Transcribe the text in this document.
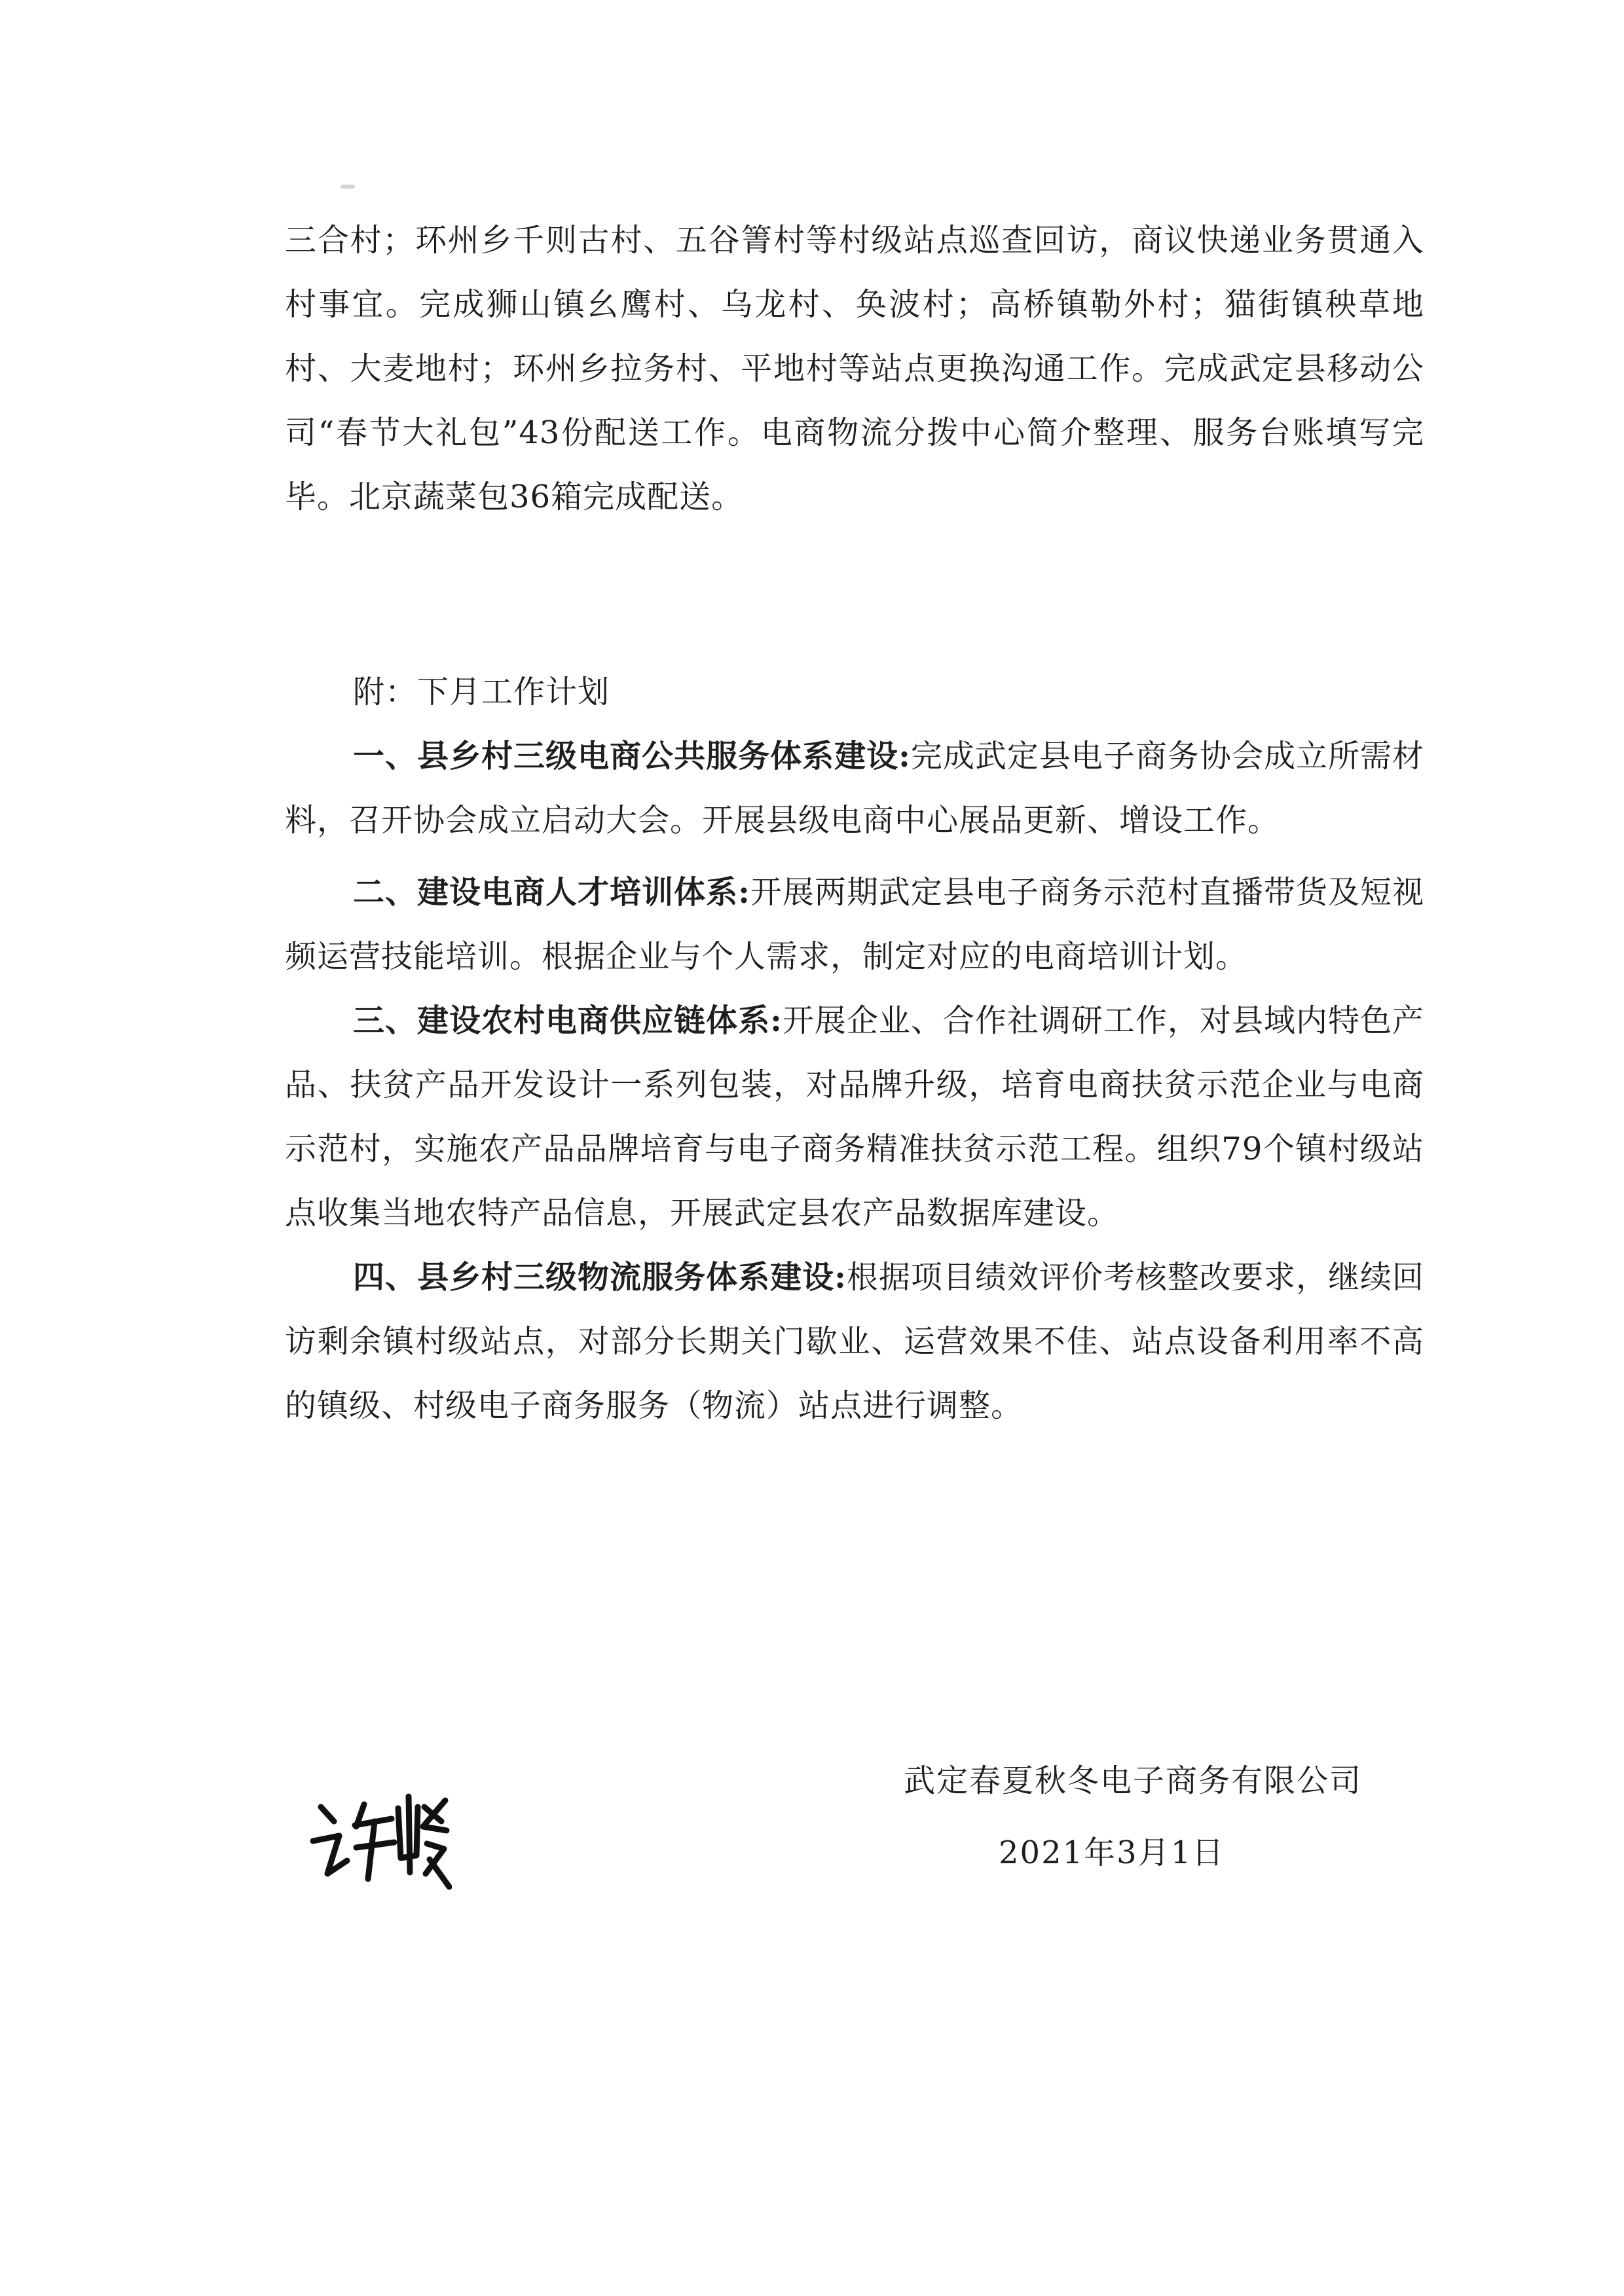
三合村；环州乡千则古村、五谷箐村等村级站点巡查回访，商议快递业务贯通入村事宜。完成狮山镇幺鹰村、乌龙村、奂波村；高桥镇勒外村；猫街镇秧草地村、大麦地村；环州乡拉务村、平地村等站点更换沟通工作。完成武定县移动公司“春节大礼包”43份配送工作。电商物流分拨中心简介整理、服务台账填写完毕。北京蔬菜包36箱完成配送。

附：下月工作计划

一、县乡村三级电商公共服务体系建设:完成武定县电子商务协会成立所需材料，召开协会成立启动大会。开展县级电商中心展品更新、增设工作。

二、建设电商人才培训体系:开展两期武定县电子商务示范村直播带货及短视频运营技能培训。根据企业与个人需求，制定对应的电商培训计划。

三、建设农村电商供应链体系:开展企业、合作社调研工作，对县域内特色产品、扶贫产品开发设计一系列包装，对品牌升级，培育电商扶贫示范企业与电商示范村，实施农产品品牌培育与电子商务精准扶贫示范工程。组织79个镇村级站点收集当地农特产品信息，开展武定县农产品数据库建设。

四、县乡村三级物流服务体系建设:根据项目绩效评价考核整改要求，继续回访剩余镇村级站点，对部分长期关门歇业、运营效果不佳、站点设备利用率不高的镇级、村级电子商务服务（物流）站点进行调整。

武定春夏秋冬电子商务有限公司
2021年3月1日
